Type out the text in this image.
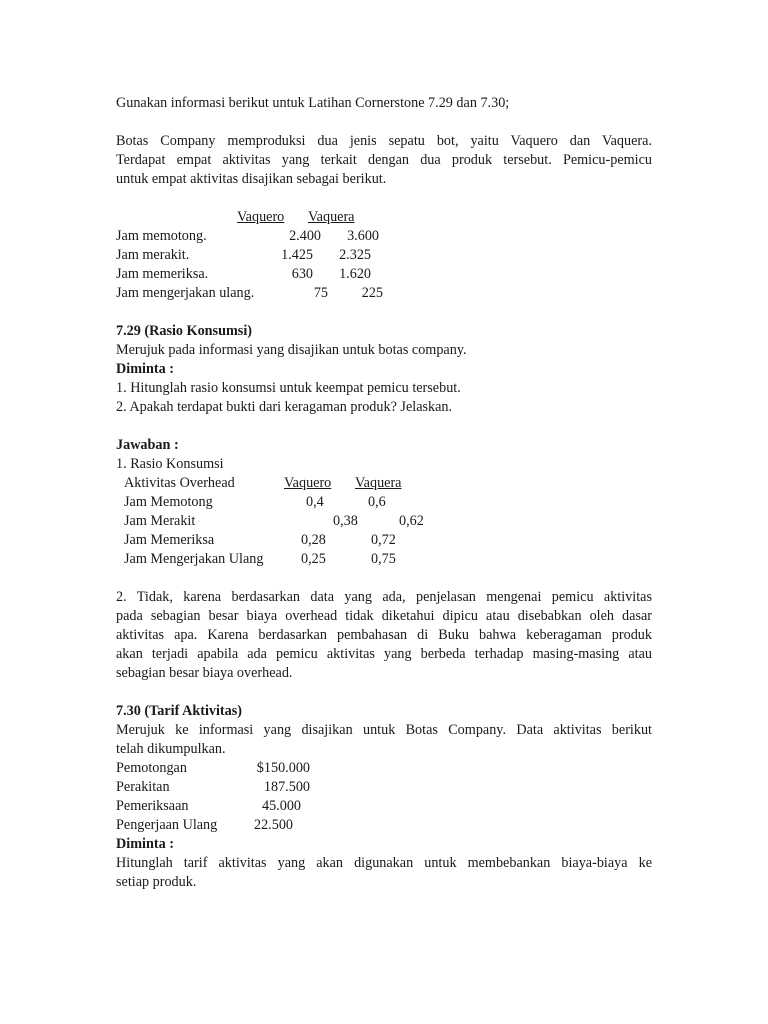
Gunakan informasi berikut untuk Latihan Cornerstone 7.29 dan 7.30;
Botas Company memproduksi dua jenis sepatu bot, yaitu Vaquero dan Vaquera.
Terdapat empat aktivitas yang terkait dengan dua produk tersebut. Pemicu-pemicu
untuk empat aktivitas disajikan sebagai berikut.
Vaquero Vaquera
Jam memotong.	2.400	3.600
Jam merakit.	1.425	2.325
Jam memeriksa.	630	1.620
Jam mengerjakan ulang.	75	225
7.29 (Rasio Konsumsi)
Merujuk pada informasi yang disajikan untuk botas company.
Diminta :
1. Hitunglah rasio konsumsi untuk keempat pemicu tersebut.
2. Apakah terdapat bukti dari keragaman produk? Jelaskan.
Jawaban :
1. Rasio Konsumsi
Aktivitas Overhead	Vaquero Vaquera
Jam Memotong	0,4	0,6
Jam Merakit	0,38	0,62
Jam Memeriksa	0,28	0,72
Jam Mengerjakan Ulang	0,25	0,75
2. Tidak, karena berdasarkan data yang ada, penjelasan mengenai pemicu aktivitas
pada sebagian besar biaya overhead tidak diketahui dipicu atau disebabkan oleh dasar
aktivitas apa. Karena berdasarkan pembahasan di Buku bahwa keberagaman produk
akan terjadi apabila ada pemicu aktivitas yang berbeda terhadap masing-masing atau
sebagian besar biaya overhead.
7.30 (Tarif Aktivitas)
Merujuk ke informasi yang disajikan untuk Botas Company. Data aktivitas berikut
telah dikumpulkan.
Pemotongan	$150.000
Perakitan	187.500
Pemeriksaan	45.000
Pengerjaan Ulang	22.500
Diminta :
Hitunglah tarif aktivitas yang akan digunakan untuk membebankan biaya-biaya ke
setiap produk.
